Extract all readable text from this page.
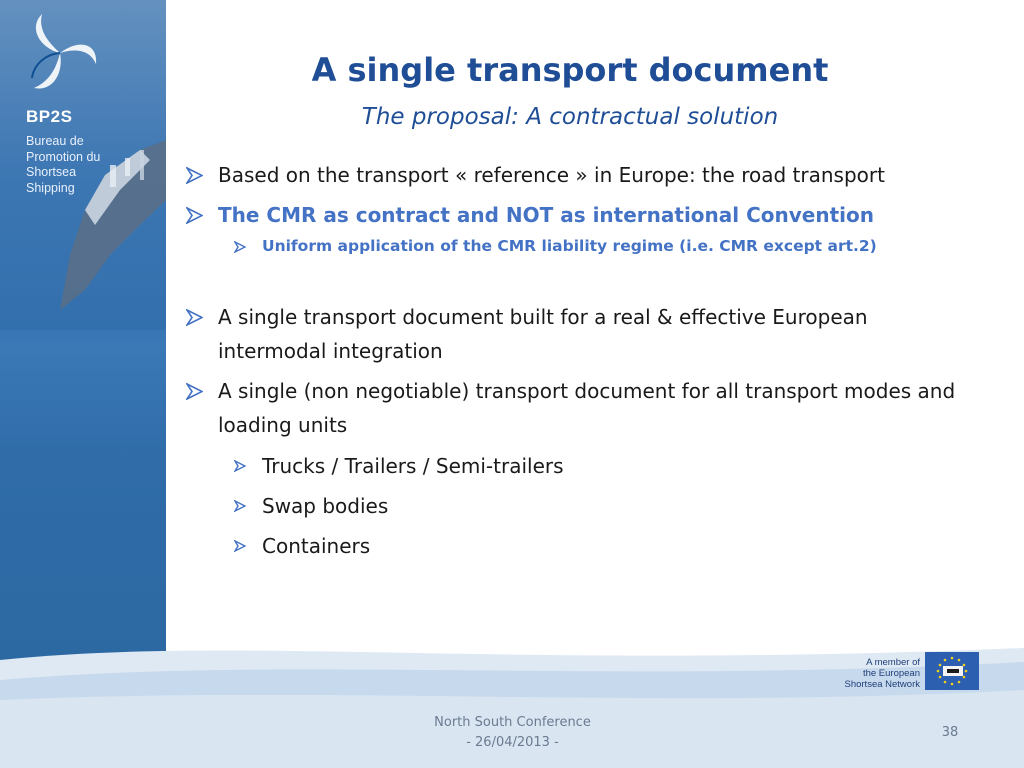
BP2S
Bureau de
Promotion du
Shortsea
Shipping
A single transport document
The proposal: A contractual solution
Based on the transport « reference » in Europe: the road transport
The CMR as contract and NOT as international Convention
Uniform application of the CMR liability regime (i.e. CMR except art.2)
A single transport document built for a real & effective European intermodal integration
A single (non negotiable) transport document for all transport modes and loading units
Trucks / Trailers / Semi-trailers
Swap bodies
Containers
A member of
the European
Shortsea Network
North South Conference
- 26/04/2013 -
38
